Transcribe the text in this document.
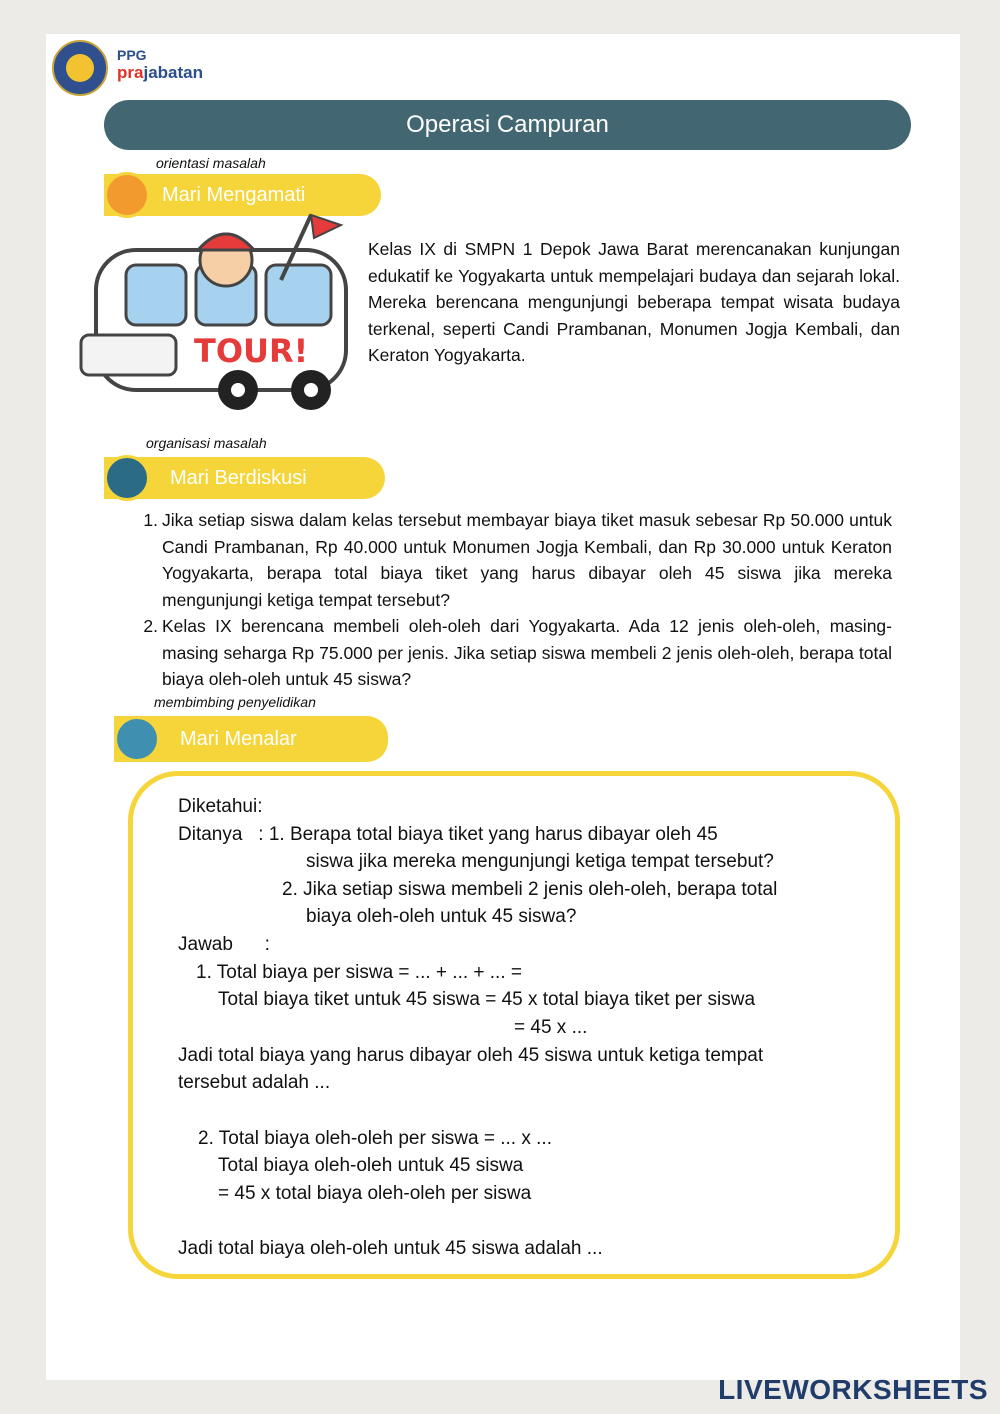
PPG
prajabatan
Operasi Campuran
orientasi masalah
Mari Mengamati
TOUR!
Kelas IX di SMPN 1 Depok Jawa Barat merencanakan kunjungan edukatif ke Yogyakarta untuk mempelajari budaya dan sejarah lokal. Mereka berencana mengunjungi beberapa tempat wisata budaya terkenal, seperti Candi Prambanan, Monumen Jogja Kembali, dan Keraton Yogyakarta.
organisasi masalah
Mari Berdiskusi
1. Jika setiap siswa dalam kelas tersebut membayar biaya tiket masuk sebesar Rp 50.000 untuk Candi Prambanan, Rp 40.000 untuk Monumen Jogja Kembali, dan Rp 30.000 untuk Keraton Yogyakarta, berapa total biaya tiket yang harus dibayar oleh 45 siswa jika mereka mengunjungi ketiga tempat tersebut?
2. Kelas IX berencana membeli oleh-oleh dari Yogyakarta. Ada 12 jenis oleh-oleh, masing-masing seharga Rp 75.000 per jenis. Jika setiap siswa membeli 2 jenis oleh-oleh, berapa total biaya oleh-oleh untuk 45 siswa?
membimbing penyelidikan
Mari Menalar
Diketahui:
Ditanya   : 1. Berapa total biaya tiket yang harus dibayar oleh 45
siswa jika mereka mengunjungi ketiga tempat tersebut?
2. Jika setiap siswa membeli 2 jenis oleh-oleh, berapa total
biaya oleh-oleh untuk 45 siswa?
Jawab      :
1. Total biaya per siswa = ... + ... + ... =
Total biaya tiket untuk 45 siswa = 45 x total biaya tiket per siswa
= 45 x ...
Jadi total biaya yang harus dibayar oleh 45 siswa untuk ketiga tempat
tersebut adalah ...
2. Total biaya oleh-oleh per siswa = ... x ...
Total biaya oleh-oleh untuk 45 siswa
= 45 x total biaya oleh-oleh per siswa
Jadi total biaya oleh-oleh untuk 45 siswa adalah ...
LIVEWORKSHEETS
